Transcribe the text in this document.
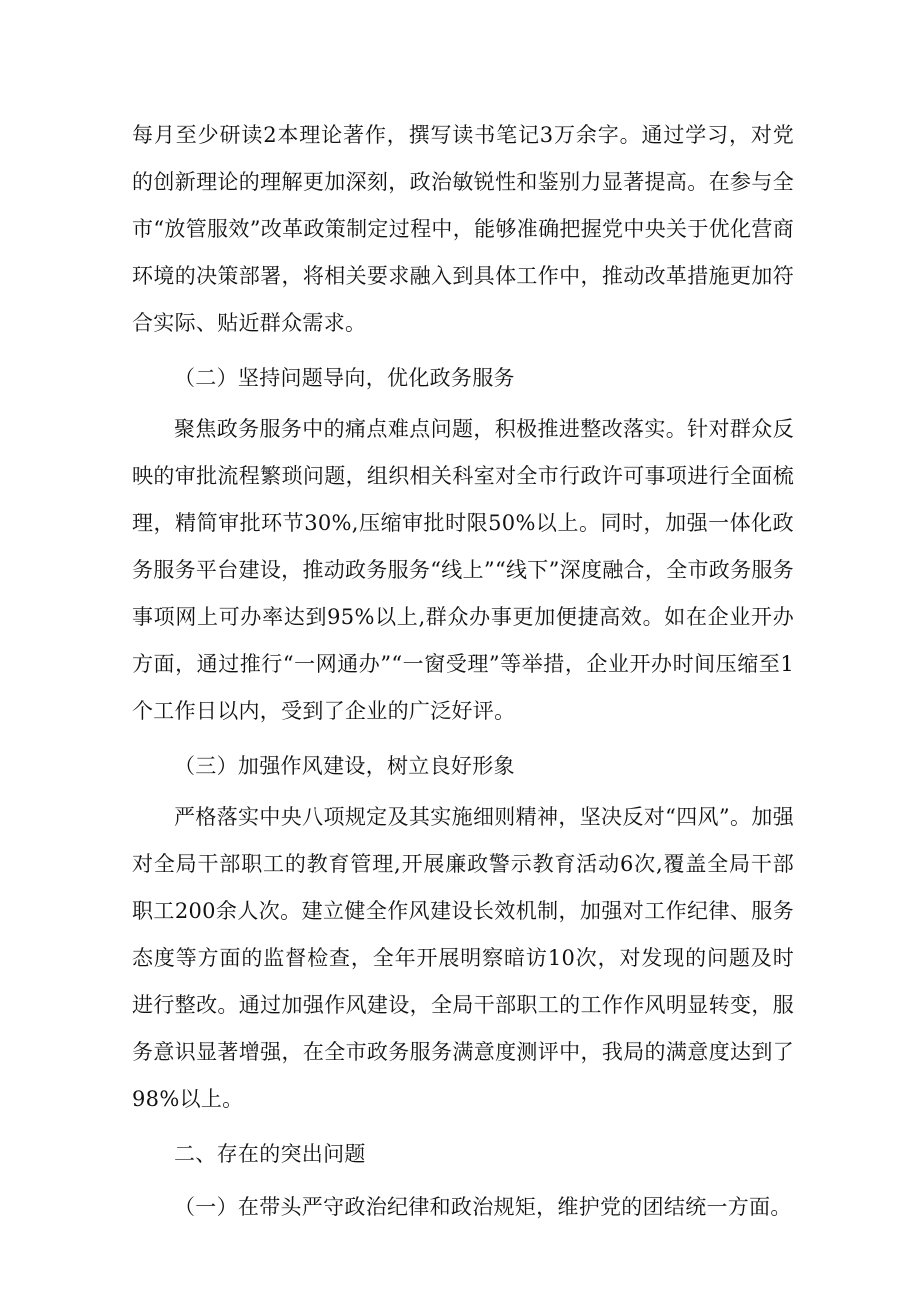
每月至少研读2本理论著作，撰写读书笔记3万余字。通过学习，对党的创新理论的理解更加深刻，政治敏锐性和鉴别力显著提高。在参与全市“放管服效”改革政策制定过程中，能够准确把握党中央关于优化营商环境的决策部署，将相关要求融入到具体工作中，推动改革措施更加符合实际、贴近群众需求。

（二）坚持问题导向，优化政务服务

聚焦政务服务中的痛点难点问题，积极推进整改落实。针对群众反映的审批流程繁琐问题，组织相关科室对全市行政许可事项进行全面梳理，精简审批环节30%,压缩审批时限50%以上。同时，加强一体化政务服务平台建设，推动政务服务“线上”“线下”深度融合，全市政务服务事项网上可办率达到95%以上,群众办事更加便捷高效。如在企业开办方面，通过推行“一网通办”“一窗受理”等举措，企业开办时间压缩至1个工作日以内，受到了企业的广泛好评。

（三）加强作风建设，树立良好形象

严格落实中央八项规定及其实施细则精神，坚决反对“四风”。加强对全局干部职工的教育管理,开展廉政警示教育活动6次,覆盖全局干部职工200余人次。建立健全作风建设长效机制，加强对工作纪律、服务态度等方面的监督检查，全年开展明察暗访10次，对发现的问题及时进行整改。通过加强作风建设，全局干部职工的工作作风明显转变，服务意识显著增强，在全市政务服务满意度测评中，我局的满意度达到了98%以上。

二、存在的突出问题

（一）在带头严守政治纪律和政治规矩，维护党的团结统一方面。
